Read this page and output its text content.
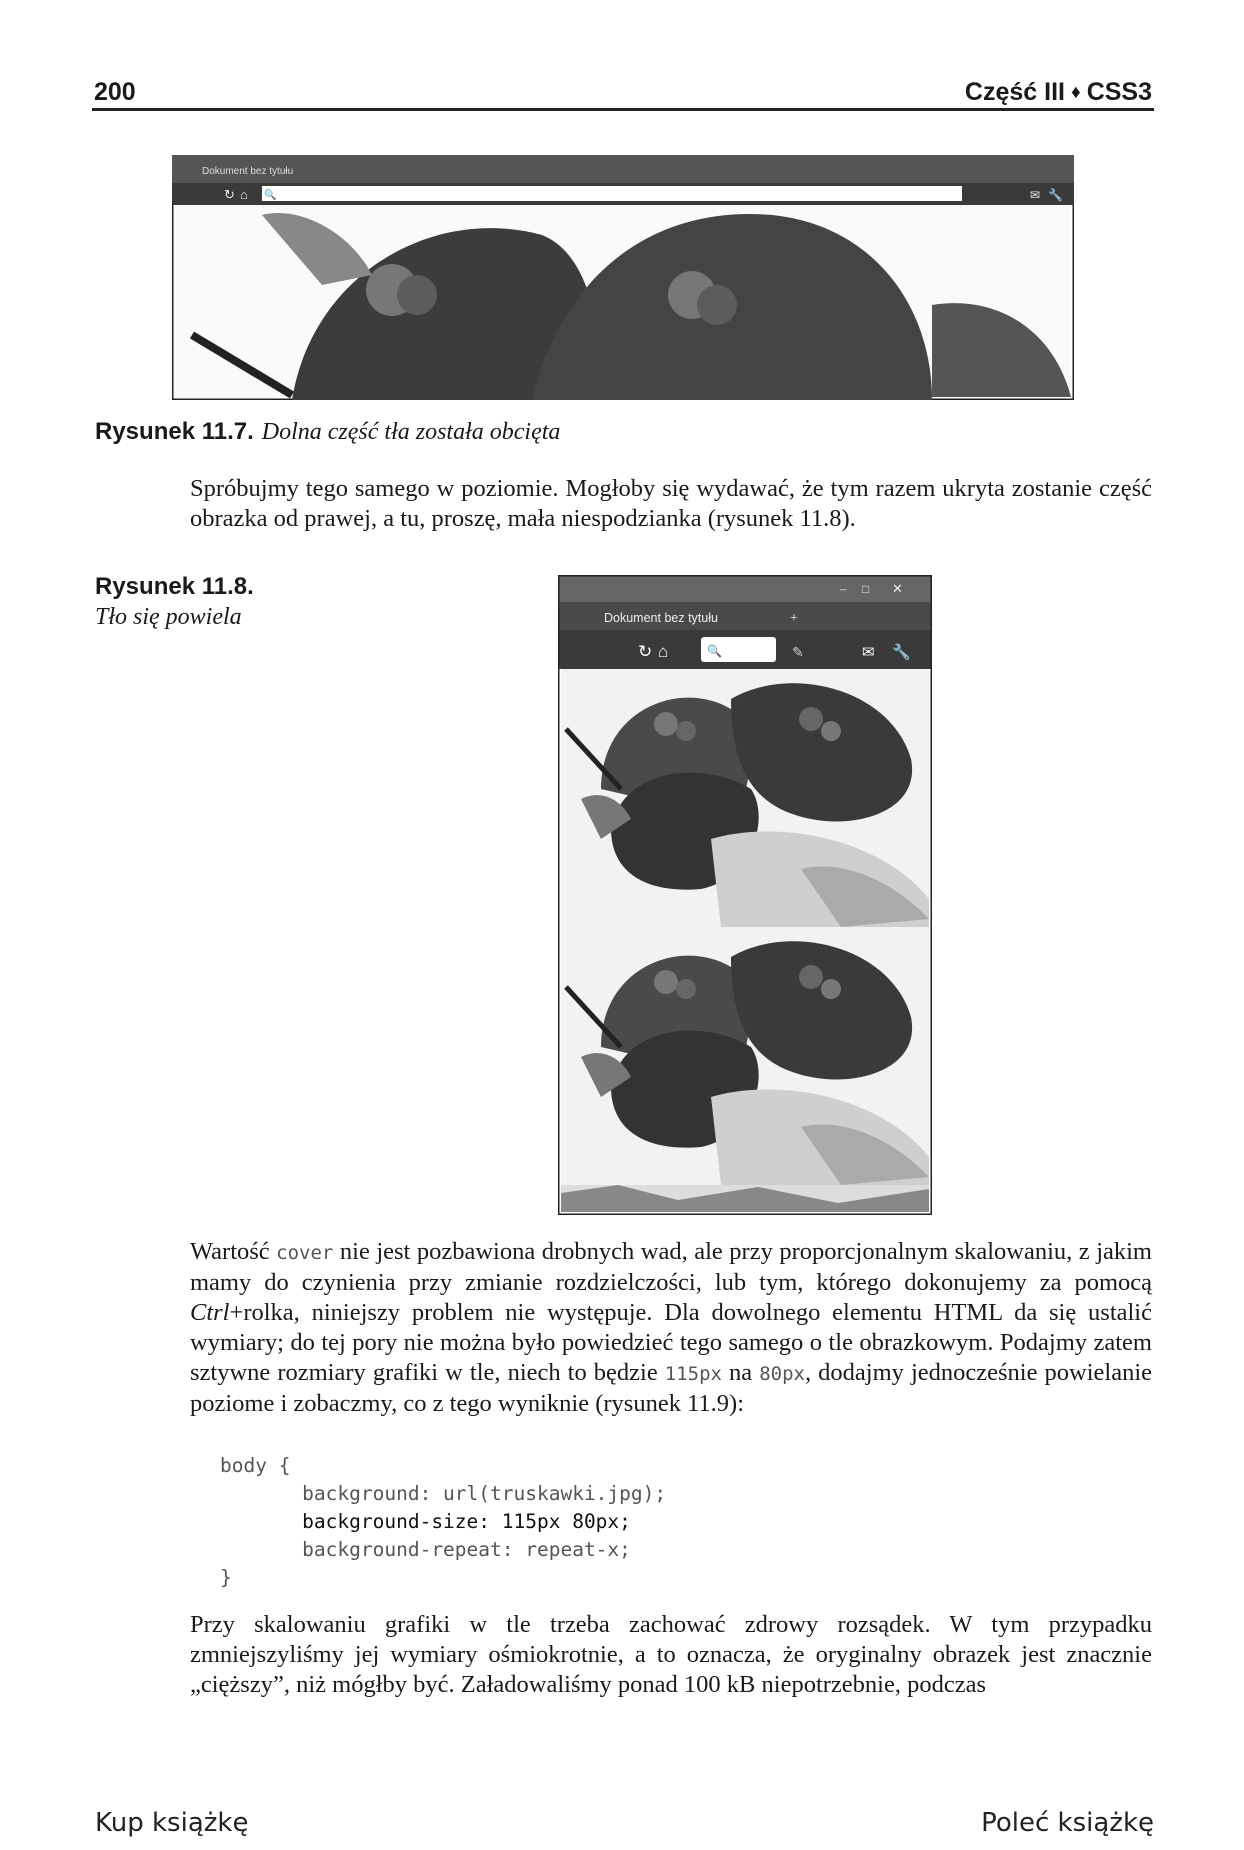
200	Część III ♦ CSS3
Dokument bez tytułu
↻ ⌂ 🔍	✉ 🔧
Rysunek 11.7. Dolna część tła została obcięta
Spróbujmy tego samego w poziomie. Mogłoby się wydawać, że tym razem ukryta zostanie część obrazka od prawej, a tu, proszę, mała niespodzianka (rysunek 11.8).
Rysunek 11.8.
Tło się powiela
– □ ✕
Dokument bez tytułu	+
↻ ⌂	🔍	✎	✉ 🔧
Wartość cover nie jest pozbawiona drobnych wad, ale przy proporcjonalnym skalowaniu, z jakim mamy do czynienia przy zmianie rozdzielczości, lub tym, którego dokonujemy za pomocą Ctrl+rolka, niniejszy problem nie występuje. Dla dowolnego elementu HTML da się ustalić wymiary; do tej pory nie można było powiedzieć tego samego o tle obrazkowym. Podajmy zatem sztywne rozmiary grafiki w tle, niech to będzie 115px na 80px, dodajmy jednocześnie powielanie poziome i zobaczmy, co z tego wyniknie (rysunek 11.9):
body {
background: url(truskawki.jpg);
background-size: 115px 80px;
background-repeat: repeat-x;
}
Przy skalowaniu grafiki w tle trzeba zachować zdrowy rozsądek. W tym przypadku zmniejszyliśmy jej wymiary ośmiokrotnie, a to oznacza, że oryginalny obrazek jest znacznie „cięższy”, niż mógłby być. Załadowaliśmy ponad 100 kB niepotrzebnie, podczas
Kup książkę	Poleć książkę
